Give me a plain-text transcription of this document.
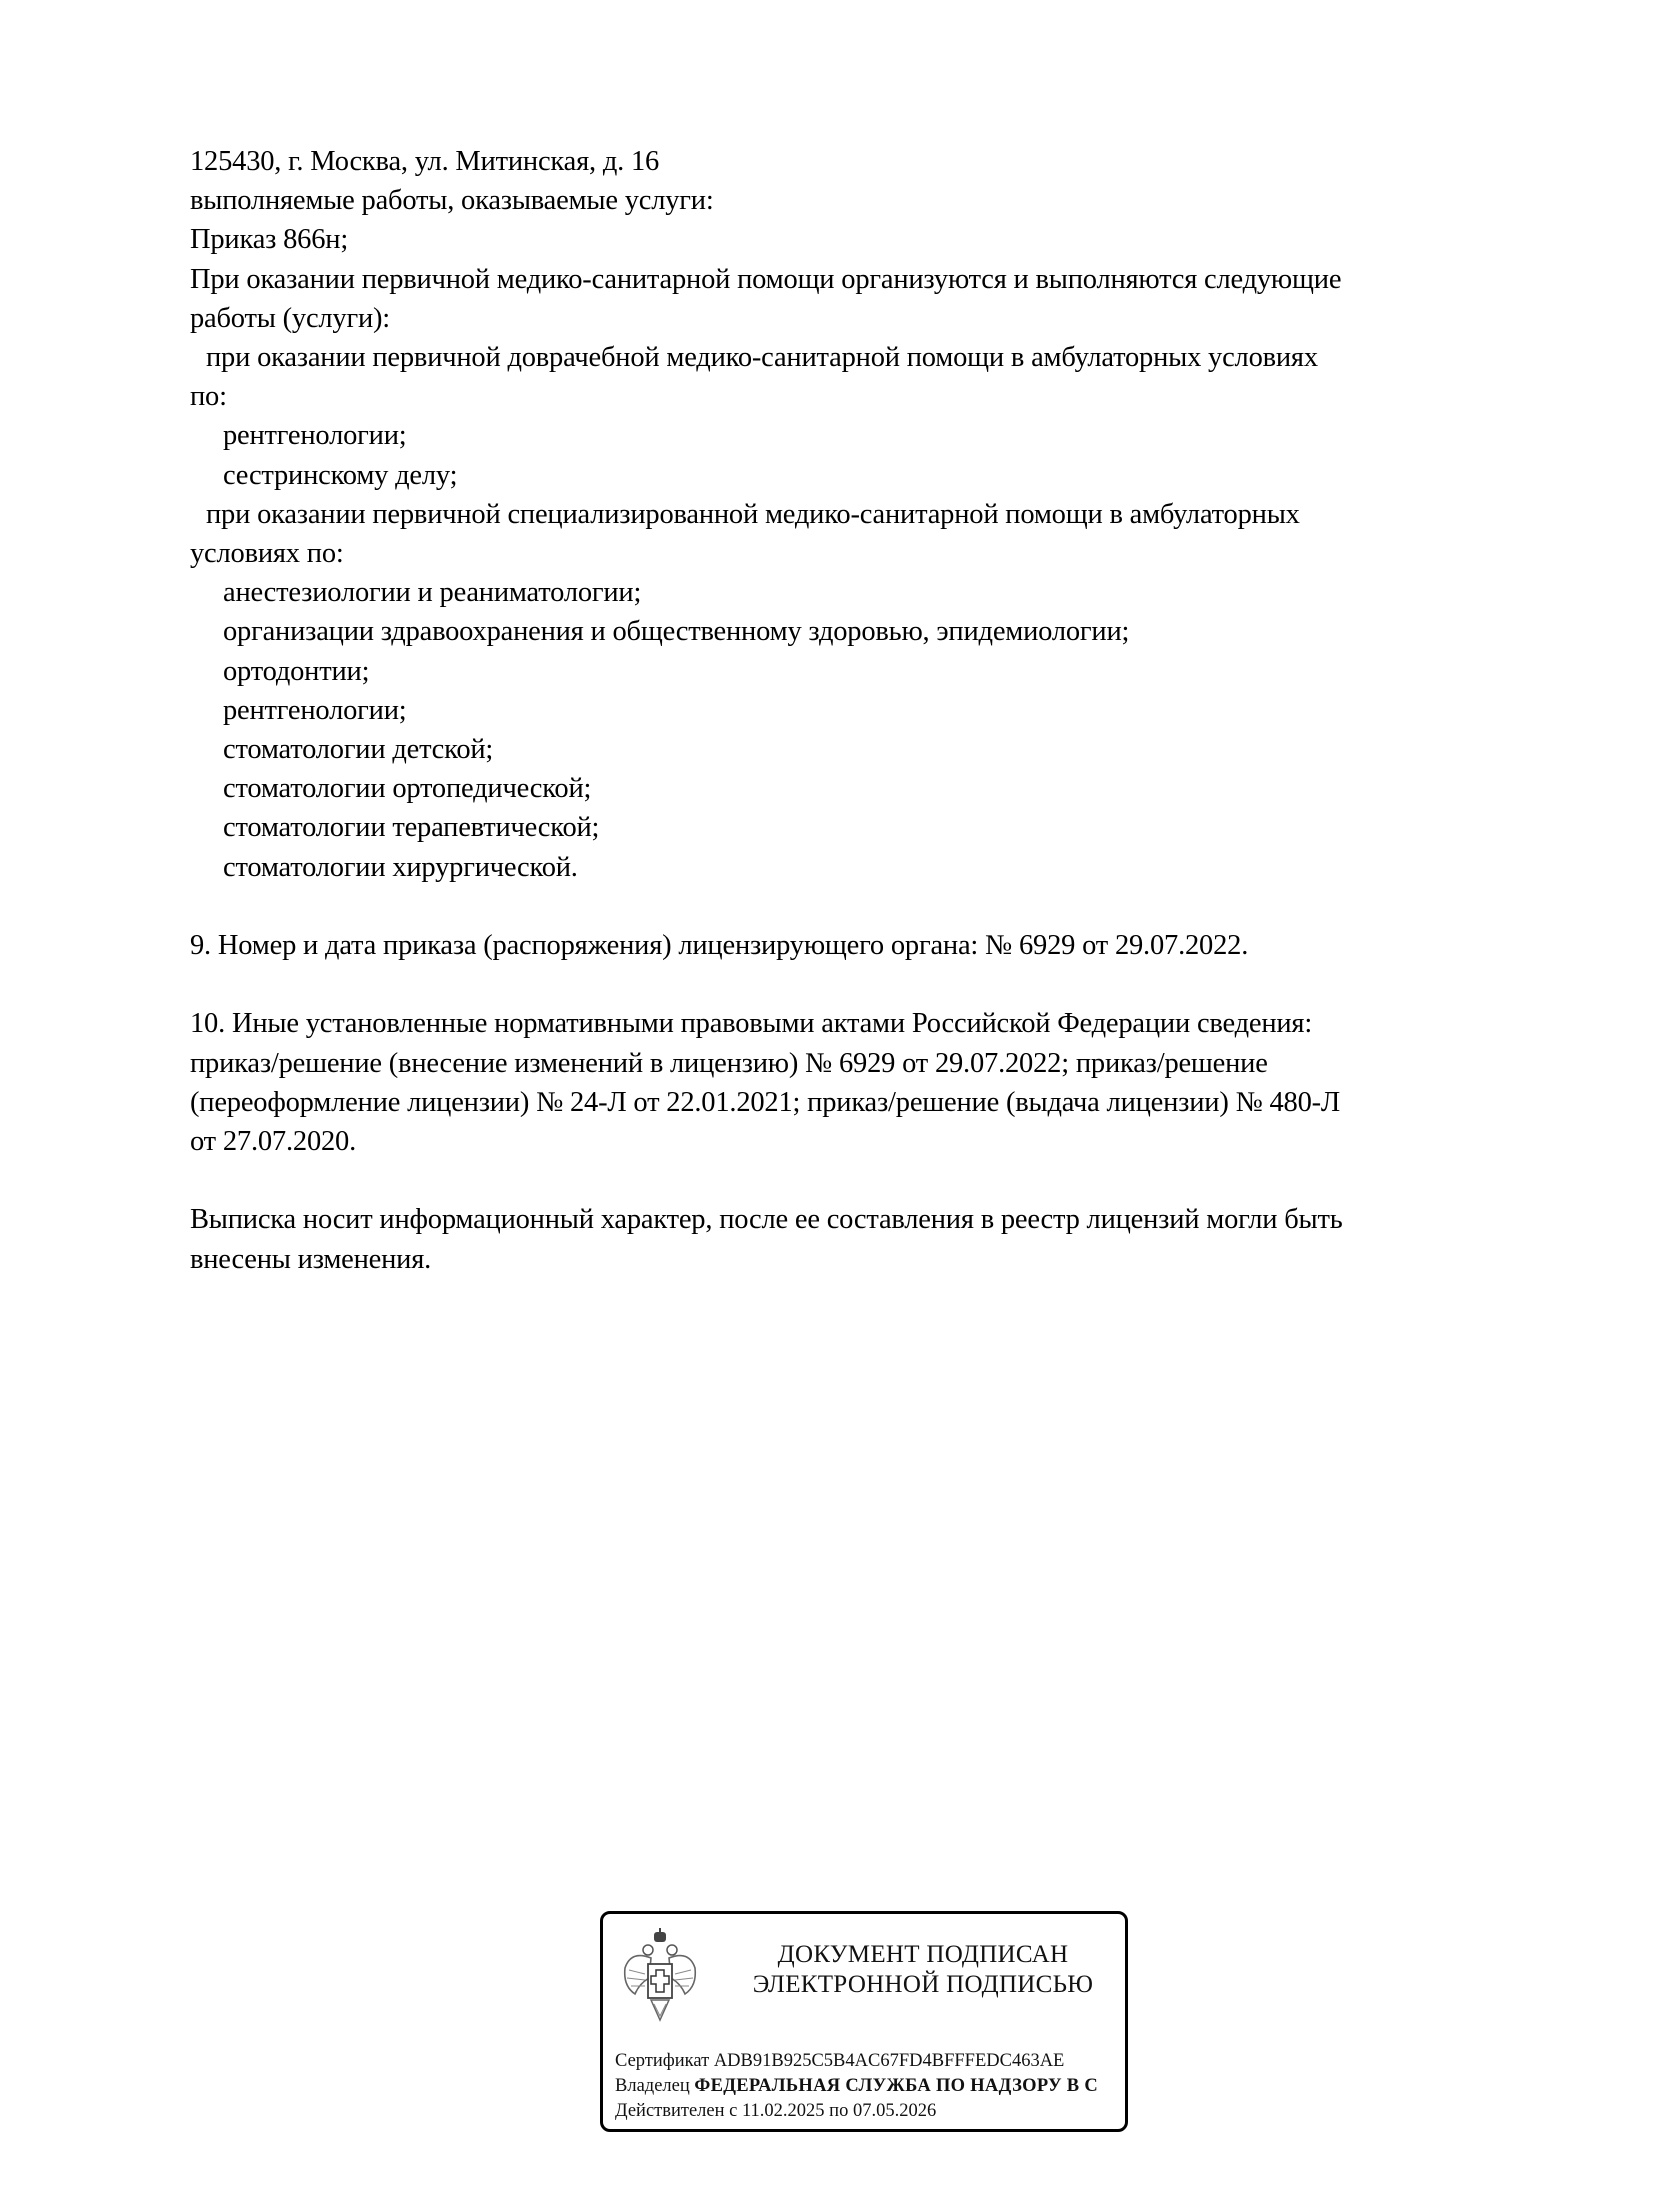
125430, г. Москва, ул. Митинская, д. 16
выполняемые работы, оказываемые услуги:
Приказ 866н;
При оказании первичной медико-санитарной помощи организуются и выполняются следующие
работы (услуги):
при оказании первичной доврачебной медико-санитарной помощи в амбулаторных условиях
по:
рентгенологии;
сестринскому делу;
при оказании первичной специализированной медико-санитарной помощи в амбулаторных
условиях по:
анестезиологии и реаниматологии;
организации здравоохранения и общественному здоровью, эпидемиологии;
ортодонтии;
рентгенологии;
стоматологии детской;
стоматологии ортопедической;
стоматологии терапевтической;
стоматологии хирургической.
9. Номер и дата приказа (распоряжения) лицензирующего органа: № 6929 от 29.07.2022.
10. Иные установленные нормативными правовыми актами Российской Федерации сведения:
приказ/решение (внесение изменений в лицензию) № 6929 от 29.07.2022; приказ/решение
(переоформление лицензии) № 24-Л от 22.01.2021; приказ/решение (выдача лицензии) № 480-Л
от 27.07.2020.
Выписка носит информационный характер, после ее составления в реестр лицензий могли быть
внесены изменения.
ДОКУМЕНТ ПОДПИСАН
ЭЛЕКТРОННОЙ ПОДПИСЬЮ
Сертификат ADB91B925C5B4AC67FD4BFFFEDC463AE
Владелец ФЕДЕРАЛЬНАЯ СЛУЖБА ПО НАДЗОРУ В С
Действителен с 11.02.2025 по 07.05.2026
